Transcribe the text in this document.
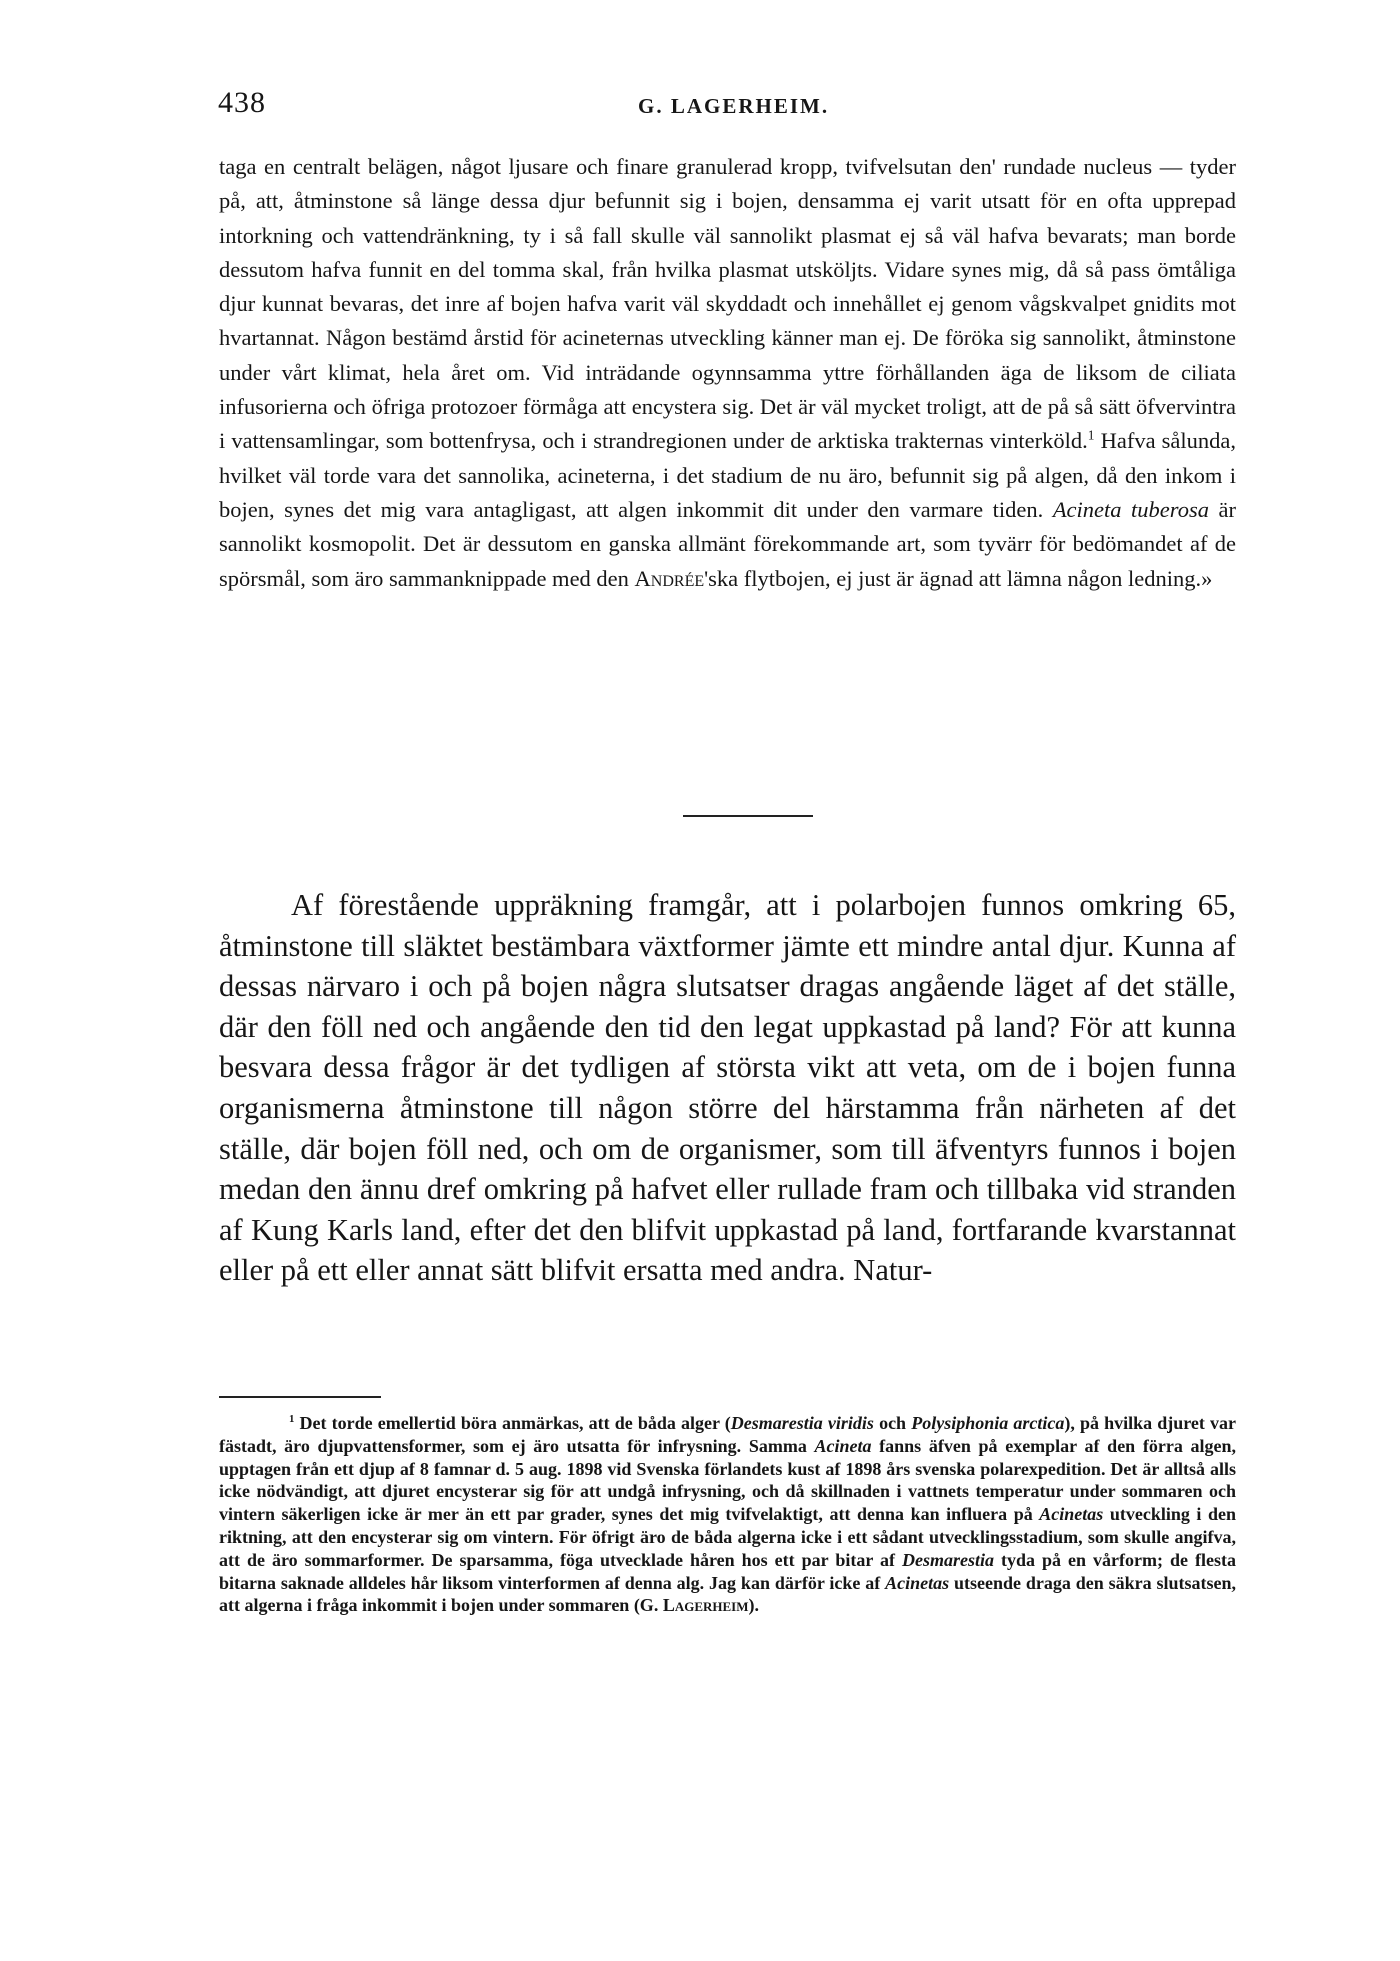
438	G. LAGERHEIM.

taga en centralt belägen, något ljusare och finare granulerad kropp, tvifvelsutan den' rundade nucleus — tyder på, att, åtminstone så länge dessa djur befunnit sig i bojen, densamma ej varit utsatt för en ofta upprepad intorkning och vattendränkning, ty i så fall skulle väl sannolikt plasmat ej så väl hafva bevarats; man borde dessutom hafva funnit en del tomma skal, från hvilka plasmat utsköljts. Vidare synes mig, då så pass ömtåliga djur kunnat bevaras, det inre af bojen hafva varit väl skyddadt och innehållet ej genom vågskvalpet gnidits mot hvartannat. Någon bestämd årstid för acineternas utveckling känner man ej. De föröka sig sannolikt, åtminstone under vårt klimat, hela året om. Vid inträdande ogynnsamma yttre förhållanden äga de liksom de ciliata infusorierna och öfriga protozoer förmåga att encystera sig. Det är väl mycket troligt, att de på så sätt öfvervintra i vattensamlingar, som bottenfrysa, och i strandregionen under de arktiska trakternas vinterköld.$^1$ Hafva sålunda, hvilket väl torde vara det sannolika, acineterna, i det stadium de nu äro, befunnit sig på algen, då den inkom i bojen, synes det mig vara antagligast, att algen inkommit dit under den varmare tiden. Acineta tuberosa är sannolikt kosmopolit. Det är dessutom en ganska allmänt förekommande art, som tyvärr för bedömandet af de spörsmål, som äro sammanknippade med den Andrée'ska flytbojen, ej just är ägnad att lämna någon ledning.»

Af förestående uppräkning framgår, att i polarbojen funnos omkring 65, åtminstone till släktet bestämbara växtformer jämte ett mindre antal djur. Kunna af dessas närvaro i och på bojen några slutsatser dragas angående läget af det ställe, där den föll ned och angående den tid den legat uppkastad på land? För att kunna besvara dessa frågor är det tydligen af största vikt att veta, om de i bojen funna organismerna åtminstone till någon större del härstamma från närheten af det ställe, där bojen föll ned, och om de organismer, som till äfventyrs funnos i bojen medan den ännu dref omkring på hafvet eller rullade fram och tillbaka vid stranden af Kung Karls land, efter det den blifvit uppkastad på land, fortfarande kvarstannat eller på ett eller annat sätt blifvit ersatta med andra. Natur-

$^1$ Det torde emellertid böra anmärkas, att de båda alger (Desmarestia viridis och Polysiphonia arctica), på hvilka djuret var fästadt, äro djupvattensformer, som ej äro utsatta för infrysning. Samma Acineta fanns äfven på exemplar af den förra algen, upptagen från ett djup af 8 famnar d. 5 aug. 1898 vid Svenska förlandets kust af 1898 års svenska polarexpedition. Det är alltså alls icke nödvändigt, att djuret encysterar sig för att undgå infrysning, och då skillnaden i vattnets temperatur under sommaren och vintern säkerligen icke är mer än ett par grader, synes det mig tvifvelaktigt, att denna kan influera på Acinetas utveckling i den riktning, att den encysterar sig om vintern. För öfrigt äro de båda algerna icke i ett sådant utvecklingsstadium, som skulle angifva, att de äro sommarformer. De sparsamma, föga utvecklade håren hos ett par bitar af Desmarestia tyda på en vårform; de flesta bitarna saknade alldeles hår liksom vinterformen af denna alg. Jag kan därför icke af Acinetas utseende draga den säkra slutsatsen, att algerna i fråga inkommit i bojen under sommaren (G. Lagerheim).
